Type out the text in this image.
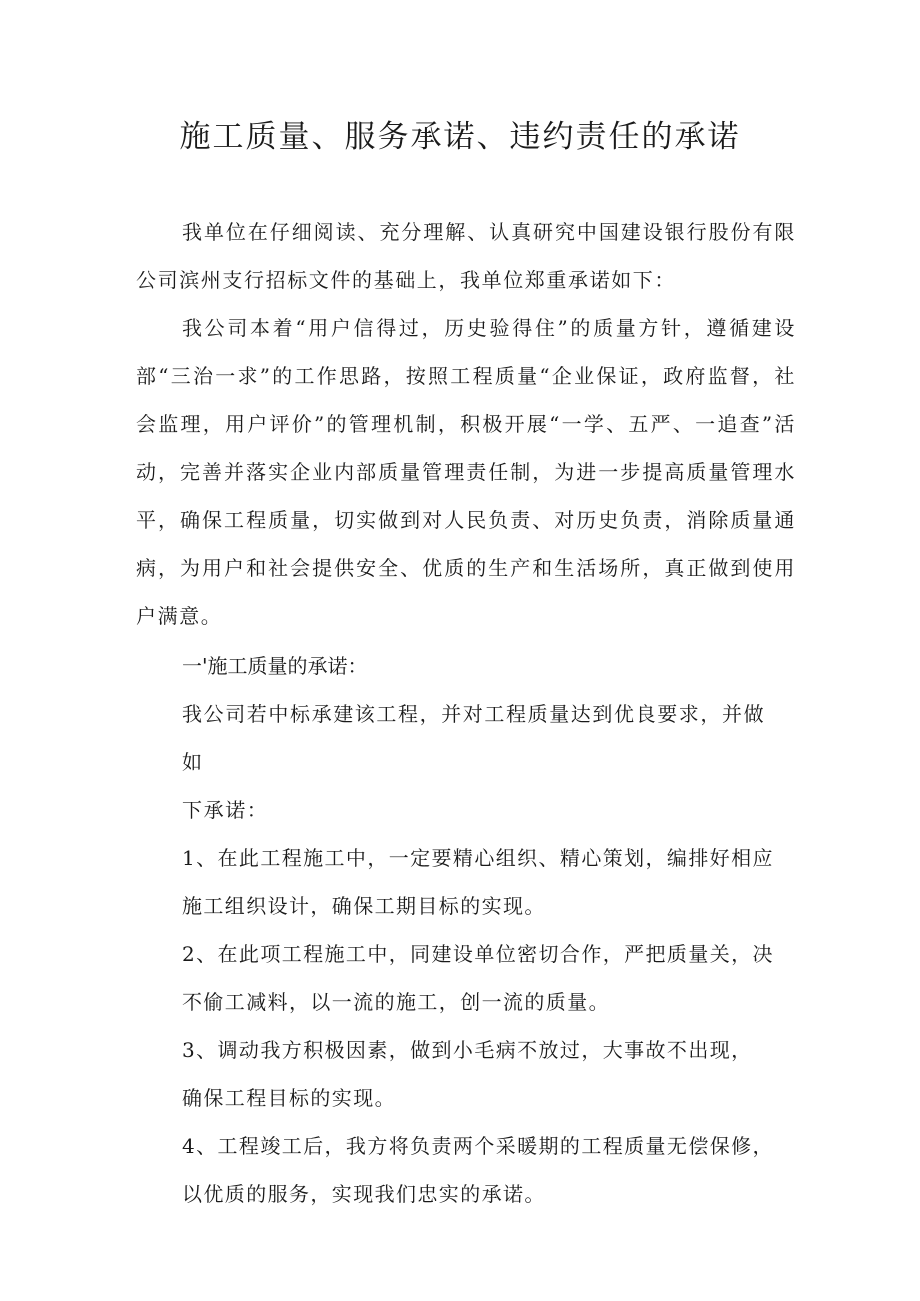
施工质量、服务承诺、违约责任的承诺

我单位在仔细阅读、充分理解、认真研究中国建设银行股份有限公司滨州支行招标文件的基础上，我单位郑重承诺如下：

我公司本着“用户信得过，历史验得住”的质量方针，遵循建设部“三治一求”的工作思路，按照工程质量“企业保证，政府监督，社会监理，用户评价”的管理机制，积极开展“一学、五严、一追查”活动，完善并落实企业内部质量管理责任制，为进一步提高质量管理水平，确保工程质量，切实做到对人民负责、对历史负责，消除质量通病，为用户和社会提供安全、优质的生产和生活场所，真正做到使用户满意。

一'施工质量的承诺：
我公司若中标承建该工程，并对工程质量达到优良要求，并做如
下承诺：
1、在此工程施工中，一定要精心组织、精心策划，编排好相应
施工组织设计，确保工期目标的实现。
2、在此项工程施工中，同建设单位密切合作，严把质量关，决
不偷工减料，以一流的施工，创一流的质量。
3、调动我方积极因素，做到小毛病不放过，大事故不出现，
确保工程目标的实现。
4、工程竣工后，我方将负责两个采暖期的工程质量无偿保修，
以优质的服务，实现我们忠实的承诺。
